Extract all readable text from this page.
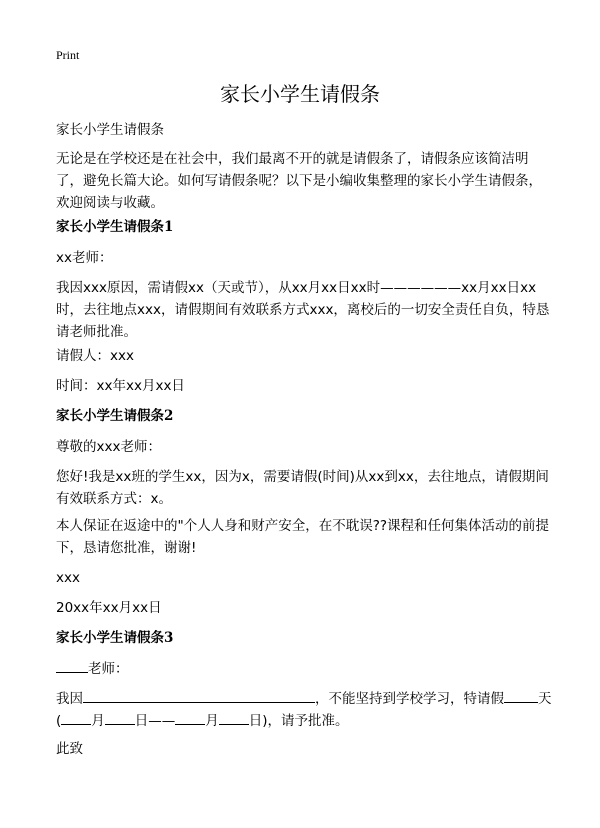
Print
家长小学生请假条
家长小学生请假条
无论是在学校还是在社会中，我们最离不开的就是请假条了，请假条应该简洁明了，避免长篇大论。如何写请假条呢？以下是小编收集整理的家长小学生请假条，欢迎阅读与收藏。
家长小学生请假条1
xx老师：
我因xxx原因，需请假xx（天或节），从xx月xx日xx时——————xx月xx日xx时，去往地点xxx，请假期间有效联系方式xxx，离校后的一切安全责任自负，特恳请老师批准。
请假人：xxx
时间：xx年xx月xx日
家长小学生请假条2
尊敬的xxx老师：
您好!我是xx班的学生xx，因为x，需要请假(时间)从xx到xx，去往地点，请假期间有效联系方式：x。
本人保证在返途中的"个人人身和财产安全，在不耽误??课程和任何集体活动的前提下，恳请您批准，谢谢!
xxx
20xx年xx月xx日
家长小学生请假条3
老师：
我因	，不能坚持到学校学习，特请假	天( 月 日—— 月 日)，请予批准。
此致
